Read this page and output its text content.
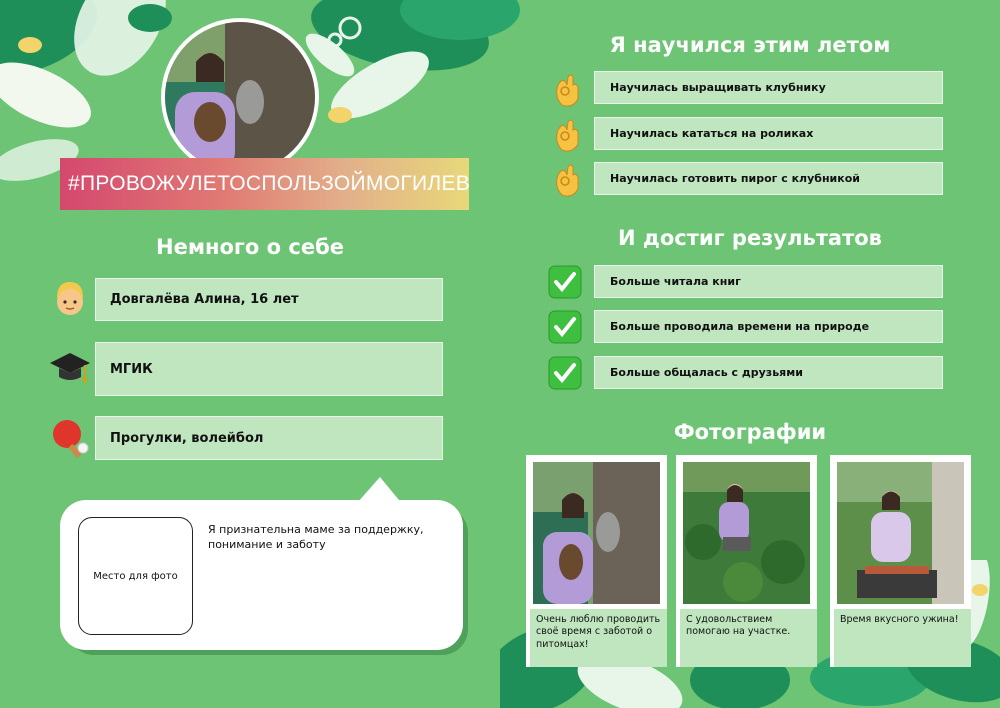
#ПРОВОЖУЛЕТОСПОЛЬЗОЙМОГИЛЕВ
Немного о себе
Довгалёва Алина, 16 лет
МГИК
Прогулки, волейбол
Место для фото
Я признательна маме за поддержку, понимание и заботу
Я научился этим летом
Научилась выращивать клубнику
Научилась кататься на роликах
Научилась готовить пирог с клубникой
И достиг результатов
Больше читала книг
Больше проводила времени на природе
Больше общалась с друзьями
Фотографии
Очень люблю проводить своё время с заботой о питомцах!
С удовольствием помогаю на участке.
Время вкусного ужина!
